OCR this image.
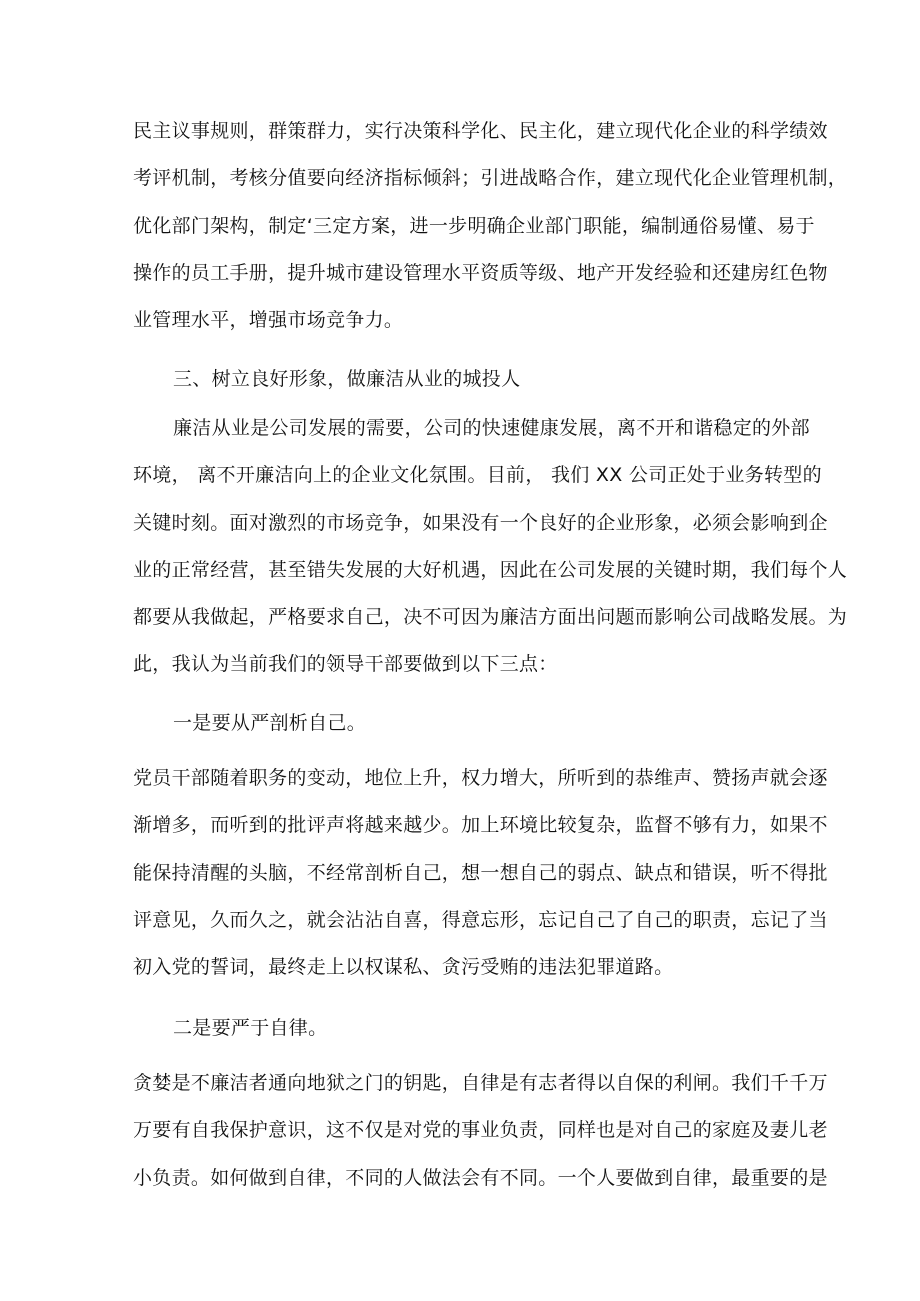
民主议事规则，群策群力，实行决策科学化、民主化，建立现代化企业的科学绩效
考评机制，考核分值要向经济指标倾斜；引进战略合作，建立现代化企业管理机制，
优化部门架构，制定‘三定方案，进一步明确企业部门职能，编制通俗易懂、易于
操作的员工手册，提升城市建设管理水平资质等级、地产开发经验和还建房红色物
业管理水平，增强市场竞争力。
三、树立良好形象，做廉洁从业的城投人
廉洁从业是公司发展的需要，公司的快速健康发展，离不开和谐稳定的外部
环境， 离不开廉洁向上的企业文化氛围。目前， 我们 XX 公司正处于业务转型的
关键时刻。面对激烈的市场竞争，如果没有一个良好的企业形象，必须会影响到企
业的正常经营，甚至错失发展的大好机遇，因此在公司发展的关键时期，我们每个人
都要从我做起，严格要求自己，决不可因为廉洁方面出问题而影响公司战略发展。为
此，我认为当前我们的领导干部要做到以下三点：
一是要从严剖析自己。
党员干部随着职务的变动，地位上升，权力增大，所听到的恭维声、赞扬声就会逐
渐增多，而听到的批评声将越来越少。加上环境比较复杂，监督不够有力，如果不
能保持清醒的头脑，不经常剖析自己，想一想自己的弱点、缺点和错误，听不得批
评意见，久而久之，就会沾沾自喜，得意忘形，忘记自己了自己的职责，忘记了当
初入党的誓词，最终走上以权谋私、贪污受贿的违法犯罪道路。
二是要严于自律。
贪婪是不廉洁者通向地狱之门的钥匙，自律是有志者得以自保的利闸。我们千千万
万要有自我保护意识，这不仅是对党的事业负责，同样也是对自己的家庭及妻儿老
小负责。如何做到自律，不同的人做法会有不同。一个人要做到自律，最重要的是
